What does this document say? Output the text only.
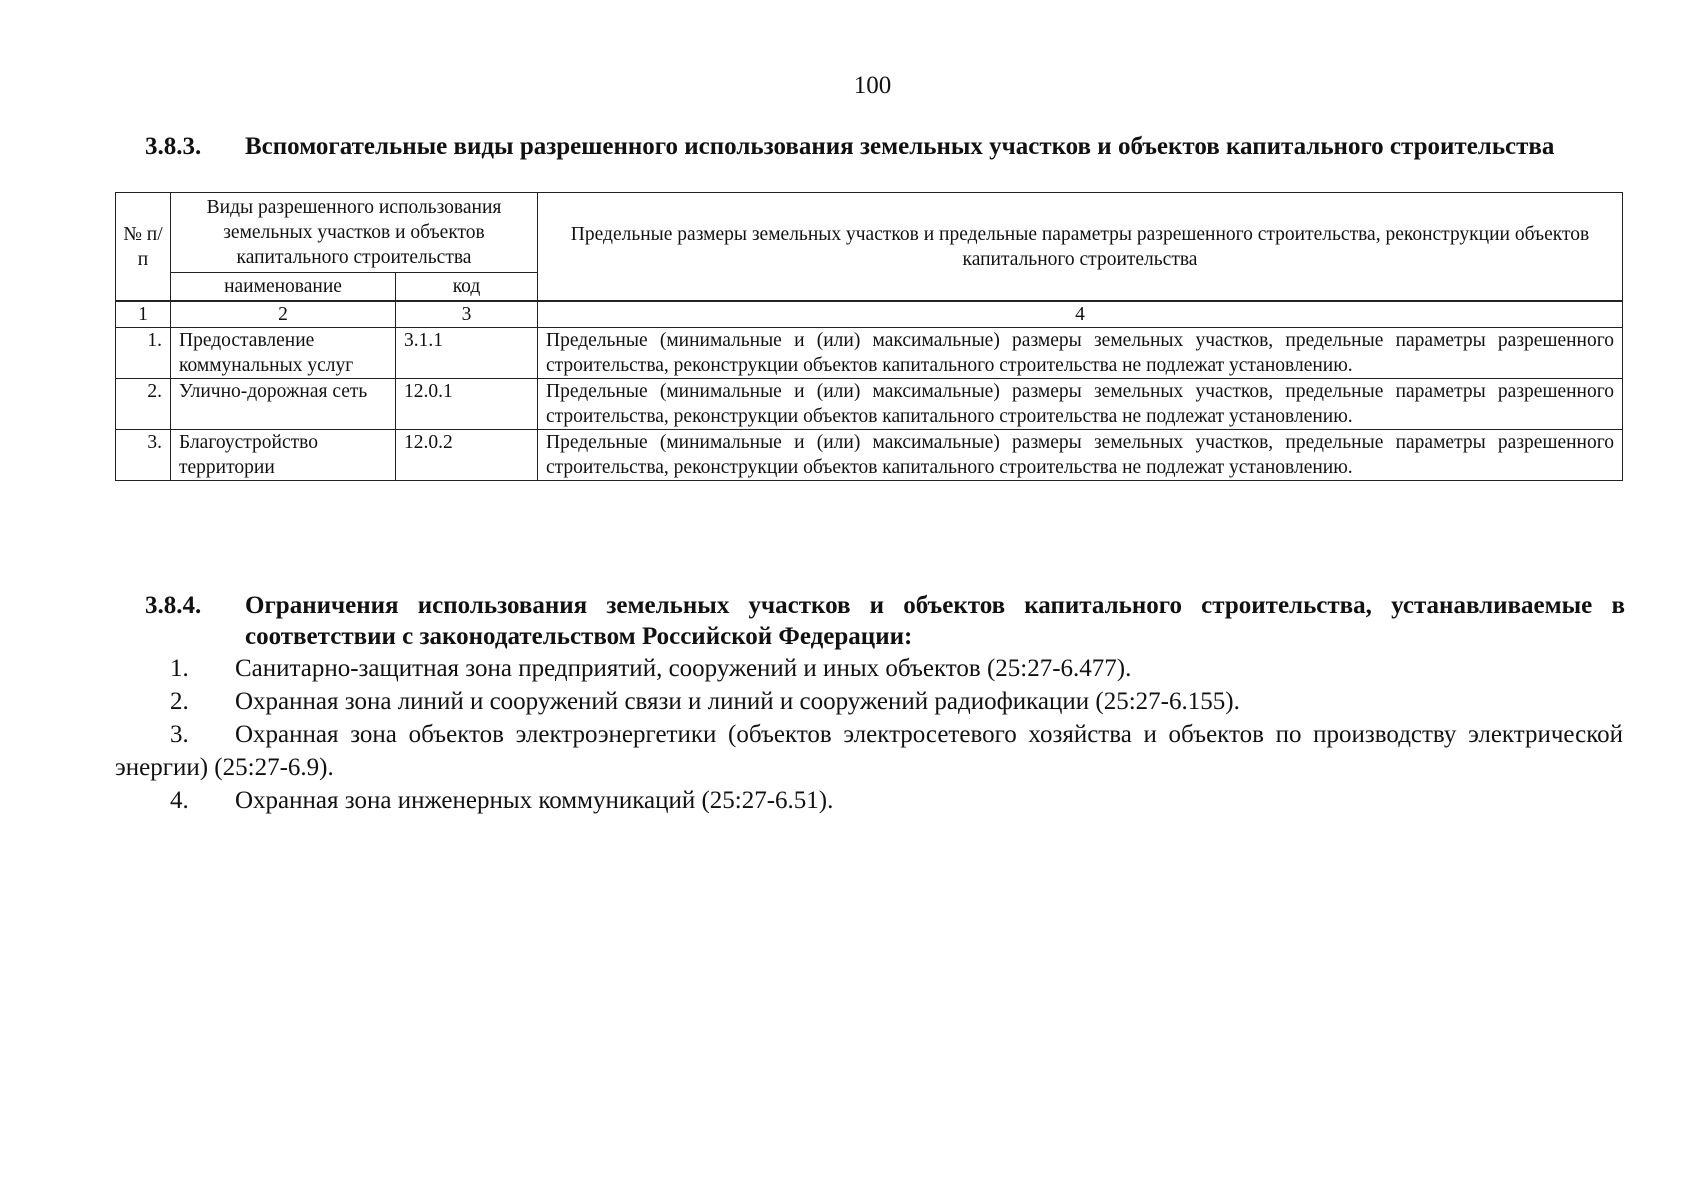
100
3.8.3.	Вспомогательные виды разрешенного использования земельных участков и объектов капитального строительства
№ п/п	Виды разрешенного использования земельных участков и объектов капитального строительства		Предельные размеры земельных участков и предельные параметры разрешенного строительства, реконструкции объектов капитального строительства
	наименование	код	
1	2	3	4
1.	Предоставление коммунальных услуг	3.1.1	Предельные (минимальные и (или) максимальные) размеры земельных участков, предельные параметры разрешенного строительства, реконструкции объектов капитального строительства не подлежат установлению.
2.	Улично-дорожная сеть	12.0.1	Предельные (минимальные и (или) максимальные) размеры земельных участков, предельные параметры разрешенного строительства, реконструкции объектов капитального строительства не подлежат установлению.
3.	Благоустройство территории	12.0.2	Предельные (минимальные и (или) максимальные) размеры земельных участков, предельные параметры разрешенного строительства, реконструкции объектов капитального строительства не подлежат установлению.
3.8.4.	Ограничения использования земельных участков и объектов капитального строительства, устанавливаемые в соответствии с законодательством Российской Федерации:
1. Санитарно-защитная зона предприятий, сооружений и иных объектов (25:27-6.477).
2. Охранная зона линий и сооружений связи и линий и сооружений радиофикации (25:27-6.155).
3. Охранная зона объектов электроэнергетики (объектов электросетевого хозяйства и объектов по производству электрической энергии) (25:27-6.9).
4. Охранная зона инженерных коммуникаций (25:27-6.51).
